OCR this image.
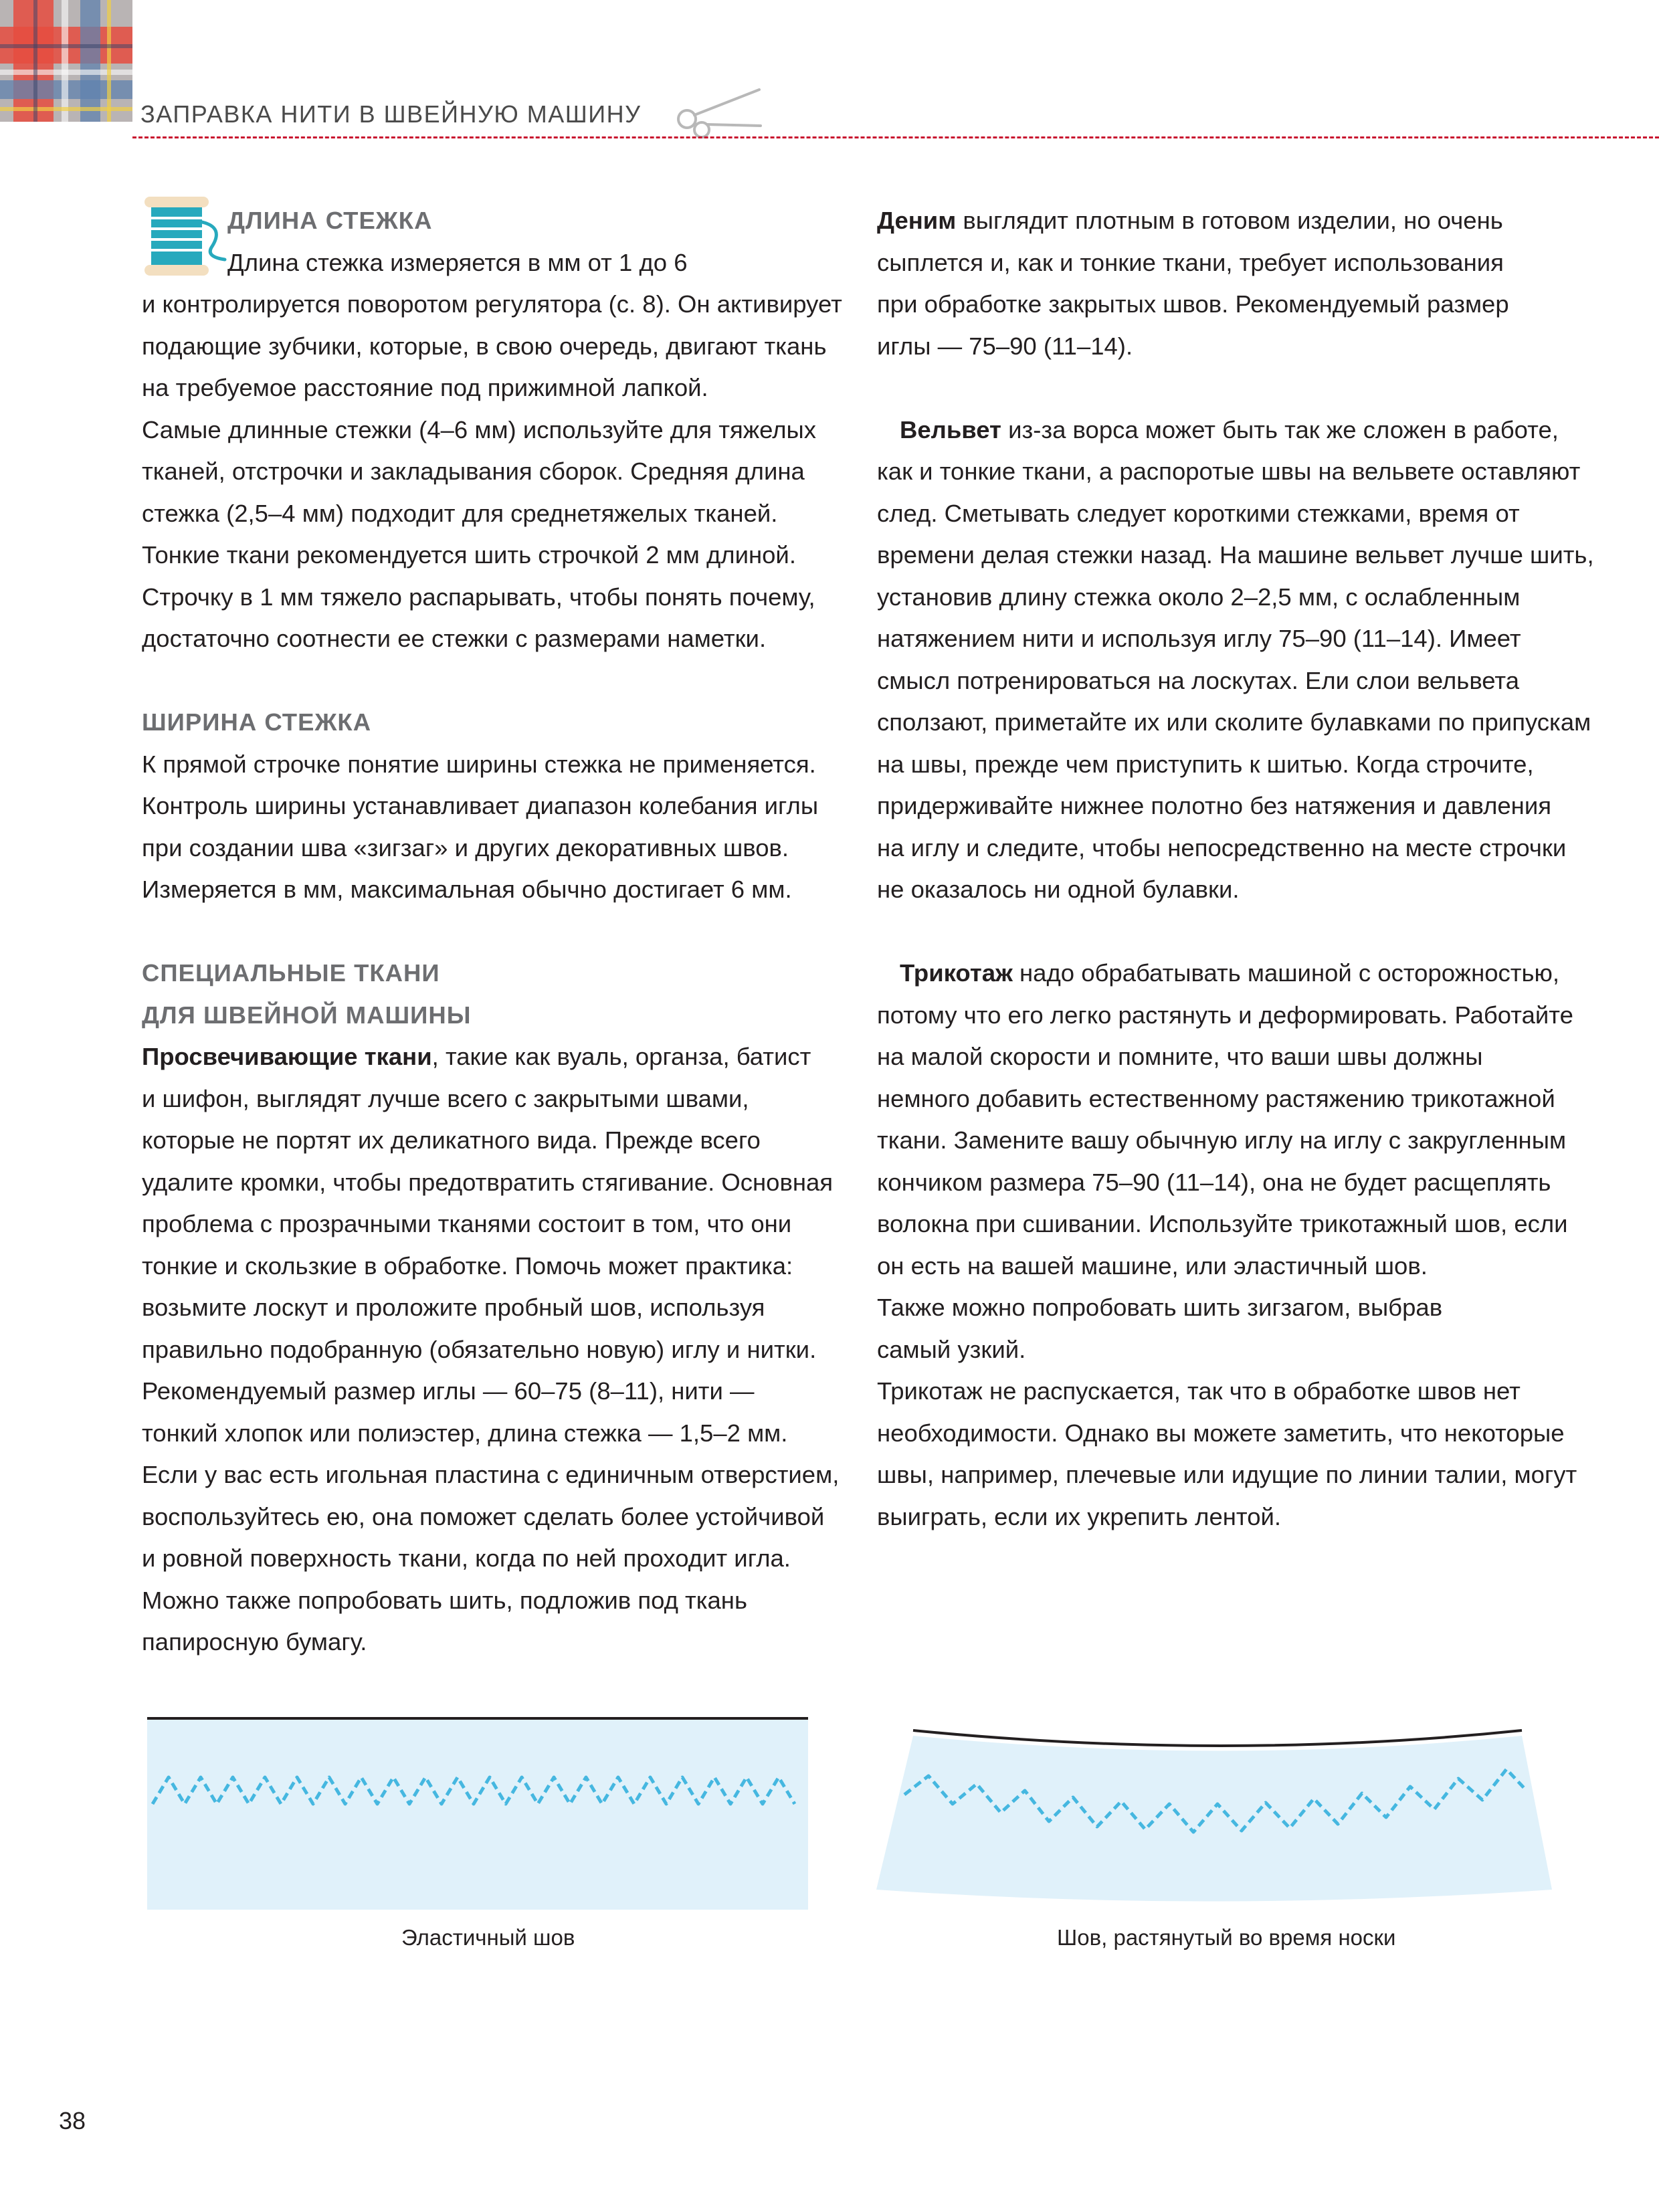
ЗАПРАВКА НИТИ В ШВЕЙНУЮ МАШИНУ

ДЛИНА СТЕЖКА

Длина стежка измеряется в мм от 1 до 6

и контролируется поворотом регулятора (с. 8). Он активирует

подающие зубчики, которые, в свою очередь, двигают ткань

на требуемое расстояние под прижимной лапкой.

Самые длинные стежки (4–6 мм) используйте для тяжелых

тканей, отстрочки и закладывания сборок. Средняя длина

стежка (2,5–4 мм) подходит для среднетяжелых тканей.

Тонкие ткани рекомендуется шить строчкой 2 мм длиной.

Строчку в 1 мм тяжело распарывать, чтобы понять почему,

достаточно соотнести ее стежки с размерами наметки.

ШИРИНА СТЕЖКА

К прямой строчке понятие ширины стежка не применяется.

Контроль ширины устанавливает диапазон колебания иглы

при создании шва «зигзаг» и других декоративных швов.

Измеряется в мм, максимальная обычно достигает 6 мм.

СПЕЦИАЛЬНЫЕ ТКАНИ

ДЛЯ ШВЕЙНОЙ МАШИНЫ

Просвечивающие ткани, такие как вуаль, органза, батист

и шифон, выглядят лучше всего с закрытыми швами,

которые не портят их деликатного вида. Прежде всего

удалите кромки, чтобы предотвратить стягивание. Основная

проблема с прозрачными тканями состоит в том, что они

тонкие и скользкие в обработке. Помочь может практика:

возьмите лоскут и проложите пробный шов, используя

правильно подобранную (обязательно новую) иглу и нитки.

Рекомендуемый размер иглы — 60–75 (8–11), нити —

тонкий хлопок или полиэстер, длина стежка — 1,5–2 мм.

Если у вас есть игольная пластина с единичным отверстием,

воспользуйтесь ею, она поможет сделать более устойчивой

и ровной поверхность ткани, когда по ней проходит игла.

Можно также попробовать шить, подложив под ткань

папиросную бумагу.

Деним выглядит плотным в готовом изделии, но очень

сыплется и, как и тонкие ткани, требует использования

при обработке закрытых швов. Рекомендуемый размер

иглы — 75–90 (11–14).

Вельвет из-за ворса может быть так же сложен в работе,

как и тонкие ткани, а распоротые швы на вельвете оставляют

след. Сметывать следует короткими стежками, время от

времени делая стежки назад. На машине вельвет лучше шить,

установив длину стежка около 2–2,5 мм, с ослабленным

натяжением нити и используя иглу 75–90 (11–14). Имеет

смысл потренироваться на лоскутах. Ели слои вельвета

сползают, приметайте их или сколите булавками по припускам

на швы, прежде чем приступить к шитью. Когда строчите,

придерживайте нижнее полотно без натяжения и давления

на иглу и следите, чтобы непосредственно на месте строчки

не оказалось ни одной булавки.

Трикотаж надо обрабатывать машиной с осторожностью,

потому что его легко растянуть и деформировать. Работайте

на малой скорости и помните, что ваши швы должны

немного добавить естественному растяжению трикотажной

ткани. Замените вашу обычную иглу на иглу с закругленным

кончиком размера 75–90 (11–14), она не будет расщеплять

волокна при сшивании. Используйте трикотажный шов, если

он есть на вашей машине, или эластичный шов.

Также можно попробовать шить зигзагом, выбрав

самый узкий.

Трикотаж не распускается, так что в обработке швов нет

необходимости. Однако вы можете заметить, что некоторые

швы, например, плечевые или идущие по линии талии, могут

выиграть, если их укрепить лентой.

Эластичный шов	Шов, растянутый во время носки
38
